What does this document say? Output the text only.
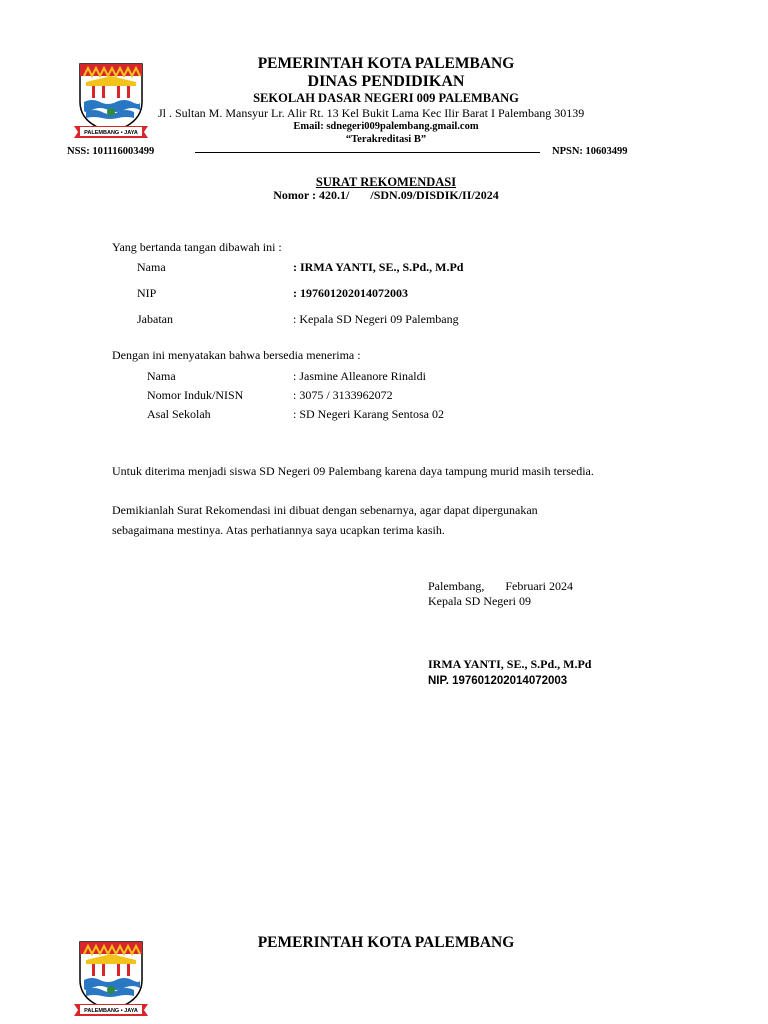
PALEMBANG • JAYA
PEMERINTAH KOTA PALEMBANG
DINAS PENDIDIKAN
SEKOLAH DASAR NEGERI 009 PALEMBANG
Jl . Sultan M. Mansyur Lr. Alir Rt. 13 Kel Bukit Lama Kec Ilir Barat I Palembang 30139
Email: sdnegeri009palembang.gmail.com
“Terakreditasi B”
NSS: 101116003499	NPSN: 10603499
SURAT REKOMENDASI
Nomor : 420.1/       /SDN.09/DISDIK/II/2024
Yang bertanda tangan dibawah ini :
Nama	: IRMA YANTI, SE., S.Pd., M.Pd
NIP	: 197601202014072003
Jabatan	: Kepala SD Negeri 09 Palembang
Dengan ini menyatakan bahwa bersedia menerima :
Nama	: Jasmine Alleanore Rinaldi
Nomor Induk/NISN	: 3075 / 3133962072
Asal Sekolah	: SD Negeri Karang Sentosa 02
Untuk diterima menjadi siswa SD Negeri 09 Palembang karena daya tampung murid masih tersedia.
Demikianlah Surat Rekomendasi ini dibuat dengan sebenarnya, agar dapat dipergunakan
sebagaimana mestinya. Atas perhatiannya saya ucapkan terima kasih.
Palembang,       Februari 2024
Kepala SD Negeri 09
IRMA YANTI, SE., S.Pd., M.Pd
NIP. 197601202014072003
PALEMBANG • JAYA
PEMERINTAH KOTA PALEMBANG
